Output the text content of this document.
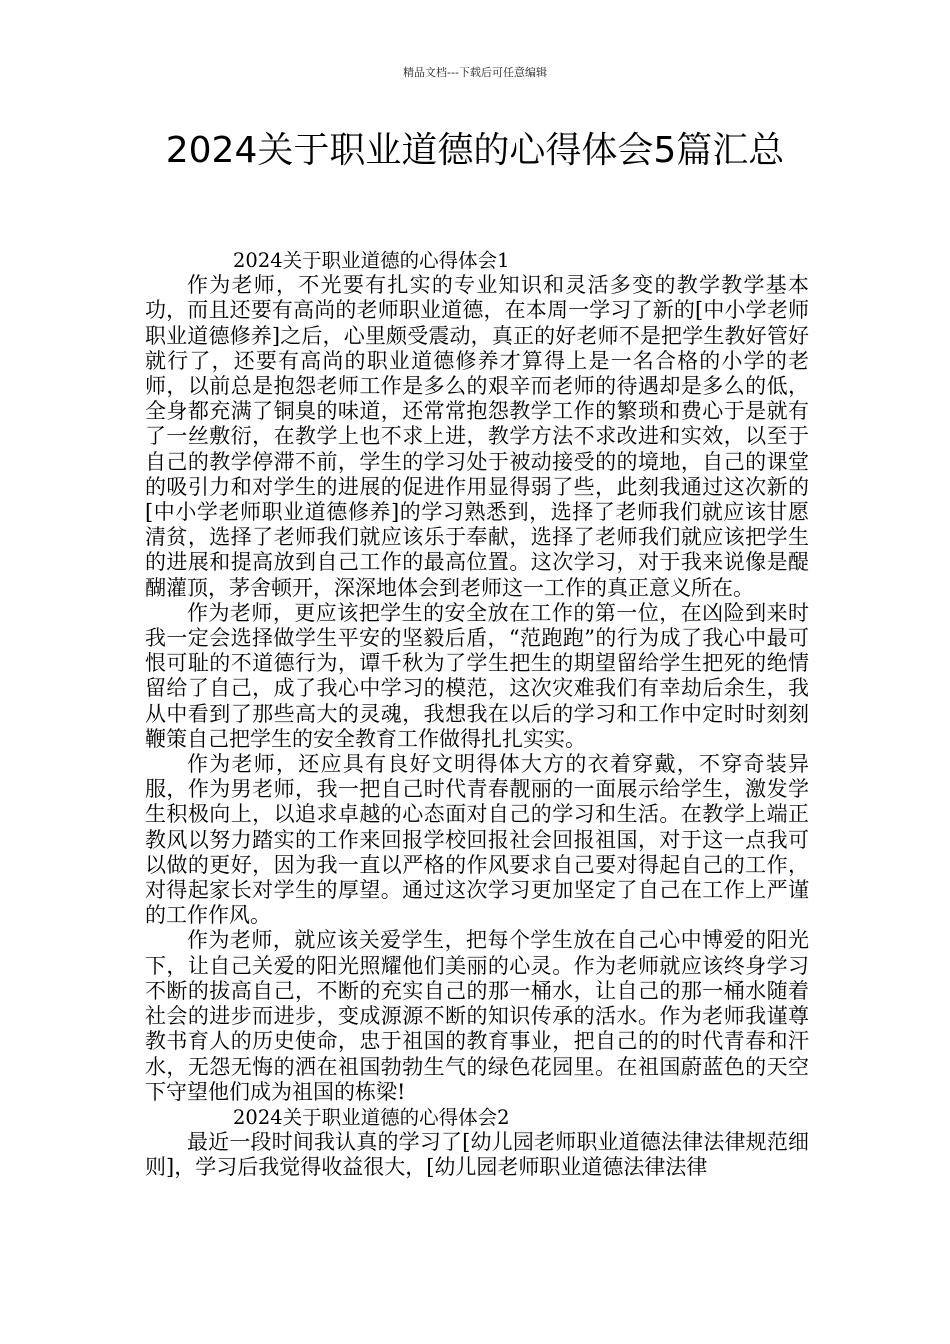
精品文档---下载后可任意编辑
2024关于职业道德的心得体会5篇汇总
2024关于职业道德的心得体会1

作为老师，不光要有扎实的专业知识和灵活多变的教学教学基本功，而且还要有高尚的老师职业道德，在本周一学习了新的[中小学老师职业道德修养]之后，心里颇受震动，真正的好老师不是把学生教好管好就行了，还要有高尚的职业道德修养才算得上是一名合格的小学的老师，以前总是抱怨老师工作是多么的艰辛而老师的待遇却是多么的低，全身都充满了铜臭的味道，还常常抱怨教学工作的繁琐和费心于是就有了一丝敷衍，在教学上也不求上进，教学方法不求改进和实效，以至于自己的教学停滞不前，学生的学习处于被动接受的的境地，自己的课堂的吸引力和对学生的进展的促进作用显得弱了些，此刻我通过这次新的[中小学老师职业道德修养]的学习熟悉到，选择了老师我们就应该甘愿清贫，选择了老师我们就应该乐于奉献，选择了老师我们就应该把学生的进展和提高放到自己工作的最高位置。这次学习，对于我来说像是醍醐灌顶，茅舍顿开，深深地体会到老师这一工作的真正意义所在。

作为老师，更应该把学生的安全放在工作的第一位，在凶险到来时我一定会选择做学生平安的坚毅后盾，“范跑跑”的行为成了我心中最可恨可耻的不道德行为，谭千秋为了学生把生的期望留给学生把死的绝情留给了自己，成了我心中学习的模范，这次灾难我们有幸劫后余生，我从中看到了那些高大的灵魂，我想我在以后的学习和工作中定时时刻刻鞭策自己把学生的安全教育工作做得扎扎实实。

作为老师，还应具有良好文明得体大方的衣着穿戴，不穿奇装异服，作为男老师，我一把自己时代青春靓丽的一面展示给学生，激发学生积极向上，以追求卓越的心态面对自己的学习和生活。在教学上端正教风以努力踏实的工作来回报学校回报社会回报祖国，对于这一点我可以做的更好，因为我一直以严格的作风要求自己要对得起自己的工作，对得起家长对学生的厚望。通过这次学习更加坚定了自己在工作上严谨的工作作风。

作为老师，就应该关爱学生，把每个学生放在自己心中博爱的阳光下，让自己关爱的阳光照耀他们美丽的心灵。作为老师就应该终身学习不断的拔高自己，不断的充实自己的那一桶水，让自己的那一桶水随着社会的进步而进步，变成源源不断的知识传承的活水。作为老师我谨尊教书育人的历史使命，忠于祖国的教育事业，把自己的的时代青春和汗水，无怨无悔的洒在祖国勃勃生气的绿色花园里。在祖国蔚蓝色的天空下守望他们成为祖国的栋梁!

2024关于职业道德的心得体会2

最近一段时间我认真的学习了[幼儿园老师职业道德法律法律规范细则]，学习后我觉得收益很大，[幼儿园老师职业道德法律法律
